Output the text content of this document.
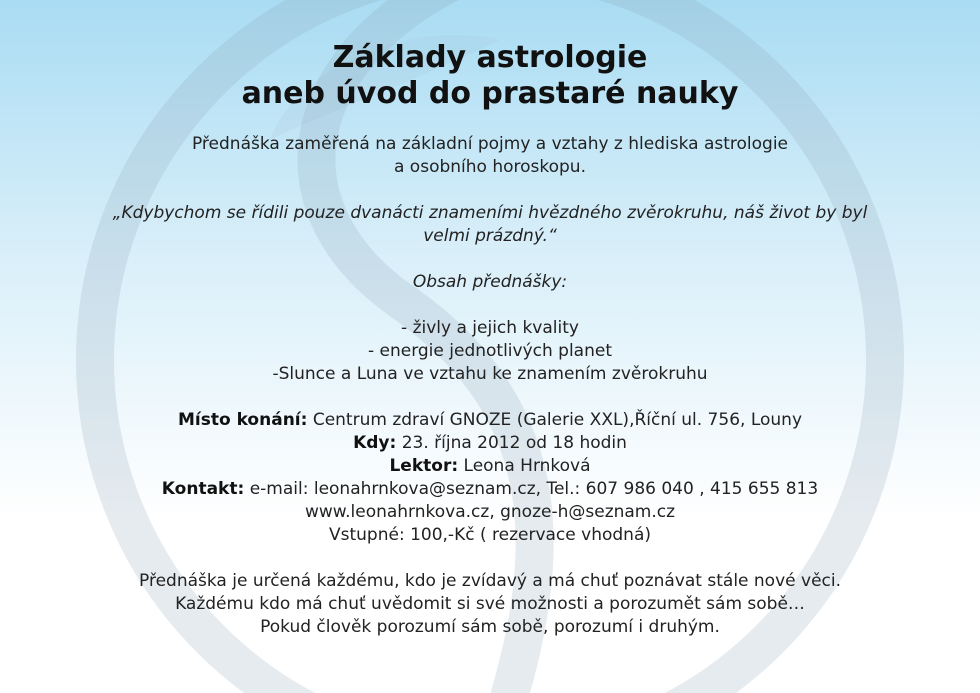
Základy astrologie
aneb úvod do prastaré nauky

Přednáška zaměřená na základní pojmy a vztahy z hlediska astrologie

a osobního horoskopu.

„Kdybychom se řídili pouze dvanácti znameními hvězdného zvěrokruhu, náš život by byl

velmi prázdný.“

Obsah přednášky:

- živly a jejich kvality

- energie jednotlivých planet

-Slunce a Luna ve vztahu ke znamením zvěrokruhu

Místo konání: Centrum zdraví GNOZE (Galerie XXL),Říční ul. 756, Louny

Kdy: 23. října 2012 od 18 hodin

Lektor: Leona Hrnková

Kontakt: e-mail: leonahrnkova@seznam.cz, Tel.: 607 986 040 , 415 655 813

www.leonahrnkova.cz, gnoze-h@seznam.cz

Vstupné: 100,-Kč ( rezervace vhodná)

Přednáška je určená každému, kdo je zvídavý a má chuť poznávat stále nové věci.

Každému kdo má chuť uvědomit si své možnosti a porozumět sám sobě…

Pokud člověk porozumí sám sobě, porozumí i druhým.
